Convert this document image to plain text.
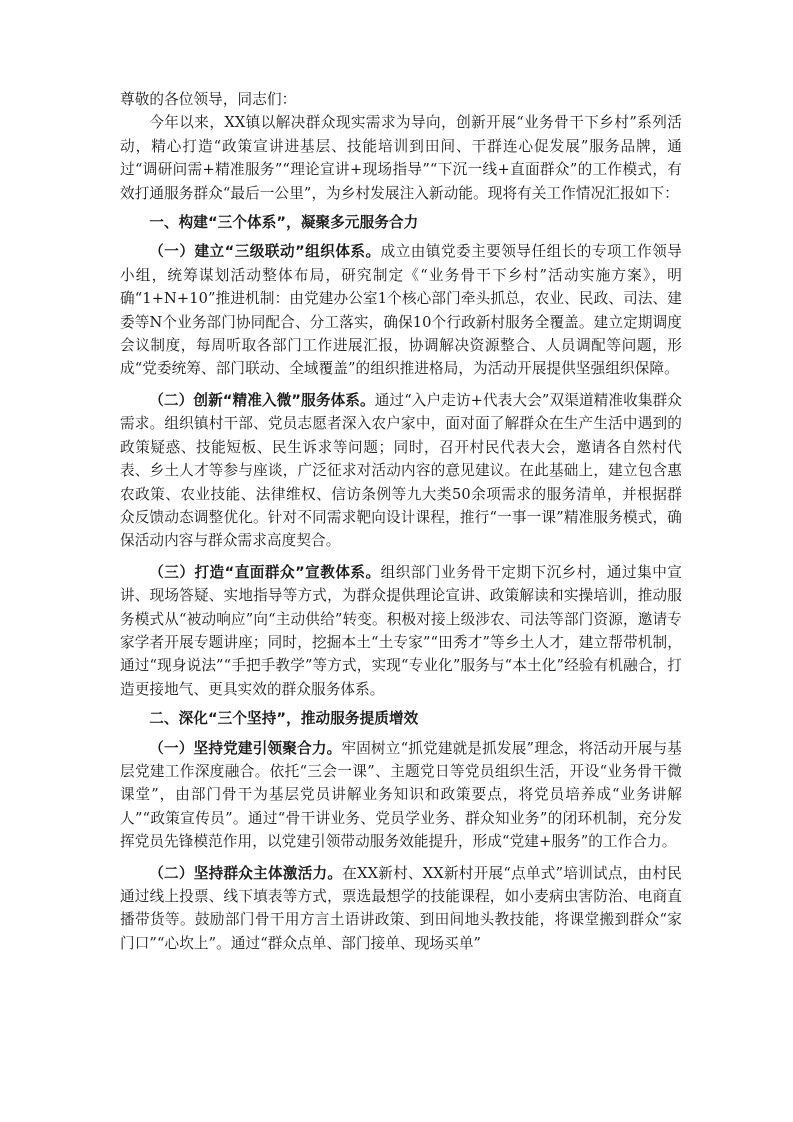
尊敬的各位领导，同志们：

今年以来，XX镇以解决群众现实需求为导向，创新开展“业务骨干下乡村”系列活动，精心打造“政策宣讲进基层、技能培训到田间、干群连心促发展”服务品牌，通过“调研问需+精准服务”“理论宣讲+现场指导”“下沉一线+直面群众”的工作模式，有效打通服务群众“最后一公里”，为乡村发展注入新动能。现将有关工作情况汇报如下：

一、构建“三个体系”，凝聚多元服务合力

（一）建立“三级联动”组织体系。成立由镇党委主要领导任组长的专项工作领导小组，统筹谋划活动整体布局，研究制定《“业务骨干下乡村”活动实施方案》，明确“1+N+10”推进机制：由党建办公室1个核心部门牵头抓总，农业、民政、司法、建委等N个业务部门协同配合、分工落实，确保10个行政新村服务全覆盖。建立定期调度会议制度，每周听取各部门工作进展汇报，协调解决资源整合、人员调配等问题，形成“党委统筹、部门联动、全域覆盖”的组织推进格局，为活动开展提供坚强组织保障。

（二）创新“精准入微”服务体系。通过“入户走访+代表大会”双渠道精准收集群众需求。组织镇村干部、党员志愿者深入农户家中，面对面了解群众在生产生活中遇到的政策疑惑、技能短板、民生诉求等问题；同时，召开村民代表大会，邀请各自然村代表、乡土人才等参与座谈，广泛征求对活动内容的意见建议。在此基础上，建立包含惠农政策、农业技能、法律维权、信访条例等九大类50余项需求的服务清单，并根据群众反馈动态调整优化。针对不同需求靶向设计课程，推行“一事一课”精准服务模式，确保活动内容与群众需求高度契合。

（三）打造“直面群众”宣教体系。组织部门业务骨干定期下沉乡村，通过集中宣讲、现场答疑、实地指导等方式，为群众提供理论宣讲、政策解读和实操培训，推动服务模式从“被动响应”向“主动供给”转变。积极对接上级涉农、司法等部门资源，邀请专家学者开展专题讲座；同时，挖掘本土“土专家”“田秀才”等乡土人才，建立帮带机制，通过“现身说法”“手把手教学”等方式，实现“专业化”服务与“本土化”经验有机融合，打造更接地气、更具实效的群众服务体系。

二、深化“三个坚持”，推动服务提质增效

（一）坚持党建引领聚合力。牢固树立“抓党建就是抓发展”理念，将活动开展与基层党建工作深度融合。依托“三会一课”、主题党日等党员组织生活，开设“业务骨干微课堂”，由部门骨干为基层党员讲解业务知识和政策要点，将党员培养成“业务讲解人”“政策宣传员”。通过“骨干讲业务、党员学业务、群众知业务”的闭环机制，充分发挥党员先锋模范作用，以党建引领带动服务效能提升，形成“党建+服务”的工作合力。

（二）坚持群众主体激活力。在XX新村、XX新村开展“点单式”培训试点，由村民通过线上投票、线下填表等方式，票选最想学的技能课程，如小麦病虫害防治、电商直播带货等。鼓励部门骨干用方言土语讲政策、到田间地头教技能，将课堂搬到群众“家门口”“心坎上”。通过“群众点单、部门接单、现场买单”
